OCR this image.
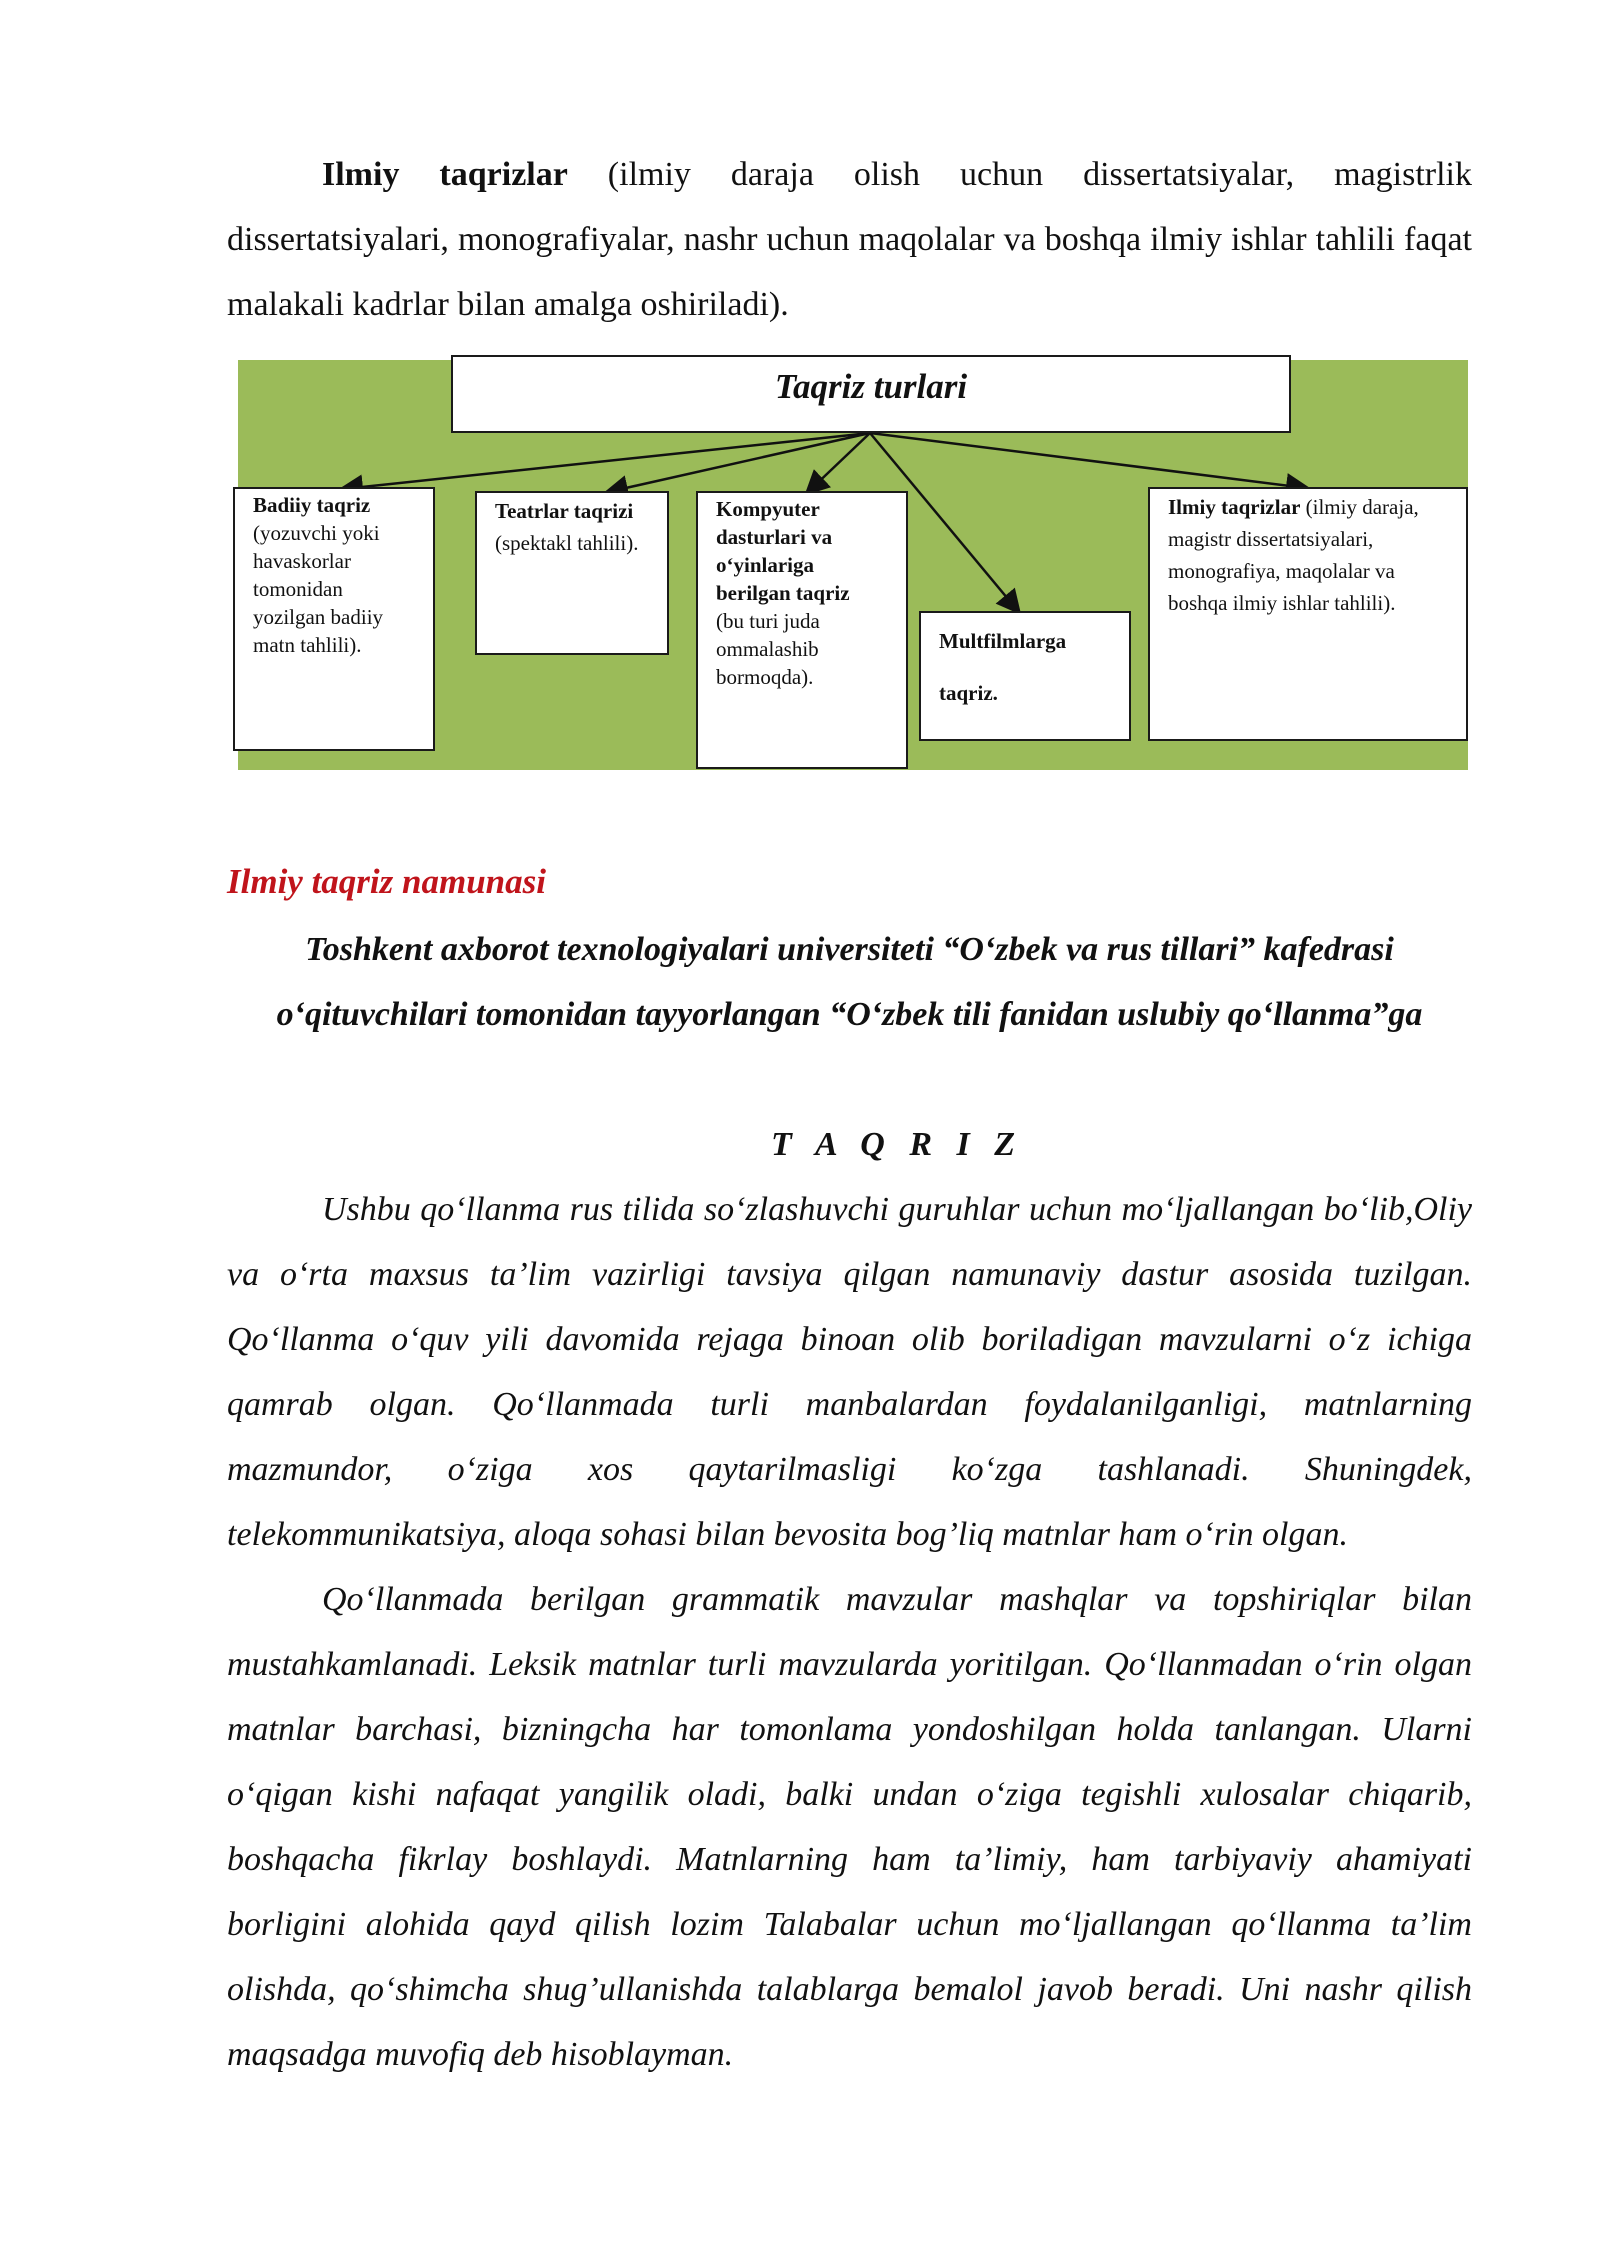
Ilmiy taqrizlar (ilmiy daraja olish uchun dissertatsiyalar, magistrlik dissertatsiyalari, monografiyalar, nashr uchun maqolalar va boshqa ilmiy ishlar tahlili faqat malakali kadrlar bilan amalga oshiriladi).

Taqriz turlari
Badiiy taqriz
(yozuvchi yoki havaskorlar tomonidan yozilgan badiiy matn tahlili).
Teatrlar taqrizi
(spektakl tahlili).
Kompyuter dasturlari va o‘yinlariga berilgan taqriz
(bu turi juda ommalashib bormoqda).
Multfilmlarga taqriz.
Ilmiy taqrizlar (ilmiy daraja, magistr dissertatsiyalari, monografiya, maqolalar va boshqa ilmiy ishlar tahlili).
Ilmiy taqriz namunasi

Toshkent axborot texnologiyalari universiteti “O‘zbek va rus tillari” kafedrasi o‘qituvchilari tomonidan tayyorlangan “O‘zbek tili fanidan uslubiy qo‘llanma”ga

T A Q R I Z

Ushbu qo‘llanma rus tilida so‘zlashuvchi guruhlar uchun mo‘ljallangan bo‘lib,Oliy va o‘rta maxsus ta’lim vazirligi tavsiya qilgan namunaviy dastur asosida tuzilgan. Qo‘llanma o‘quv yili davomida rejaga binoan olib boriladigan mavzularni o‘z ichiga qamrab olgan. Qo‘llanmada turli manbalardan foydalanilganligi, matnlarning mazmundor, o‘ziga xos qaytarilmasligi ko‘zga tashlanadi. Shuningdek, telekommunikatsiya, aloqa sohasi bilan bevosita bog’liq matnlar ham o‘rin olgan.

Qo‘llanmada berilgan grammatik mavzular mashqlar va topshiriqlar bilan mustahkamlanadi. Leksik matnlar turli mavzularda yoritilgan. Qo‘llanmadan o‘rin olgan matnlar barchasi, bizningcha har tomonlama yondoshilgan holda tanlangan. Ularni o‘qigan kishi nafaqat yangilik oladi, balki undan o‘ziga tegishli xulosalar chiqarib, boshqacha fikrlay boshlaydi. Matnlarning ham ta’limiy, ham tarbiyaviy ahamiyati borligini alohida qayd qilish lozim Talabalar uchun mo‘ljallangan qo‘llanma ta’lim olishda, qo‘shimcha shug’ullanishda talablarga bemalol javob beradi. Uni nashr qilish maqsadga muvofiq deb hisoblayman.
